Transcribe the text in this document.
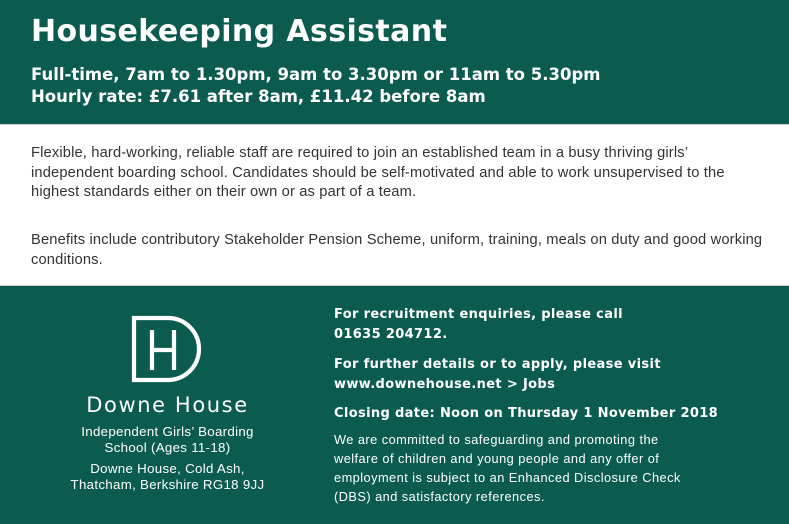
Housekeeping Assistant

Full-time, 7am to 1.30pm, 9am to 3.30pm or 11am to 5.30pm

Hourly rate: £7.61 after 8am, £11.42 before 8am

Flexible, hard-working, reliable staff are required to join an established team in a busy thriving girls’ independent boarding school. Candidates should be self-motivated and able to work unsupervised to the highest standards either on their own or as part of a team.

Benefits include contributory Stakeholder Pension Scheme, uniform, training, meals on duty and good working conditions.

Downe House

Independent Girls’ Boarding

School (Ages 11-18)

Downe House, Cold Ash,

Thatcham, Berkshire RG18 9JJ

For recruitment enquiries, please call

01635 204712.

For further details or to apply, please visit

www.downehouse.net > Jobs

Closing date: Noon on Thursday 1 November 2018

We are committed to safeguarding and promoting the

welfare of children and young people and any offer of

employment is subject to an Enhanced Disclosure Check

(DBS) and satisfactory references.
